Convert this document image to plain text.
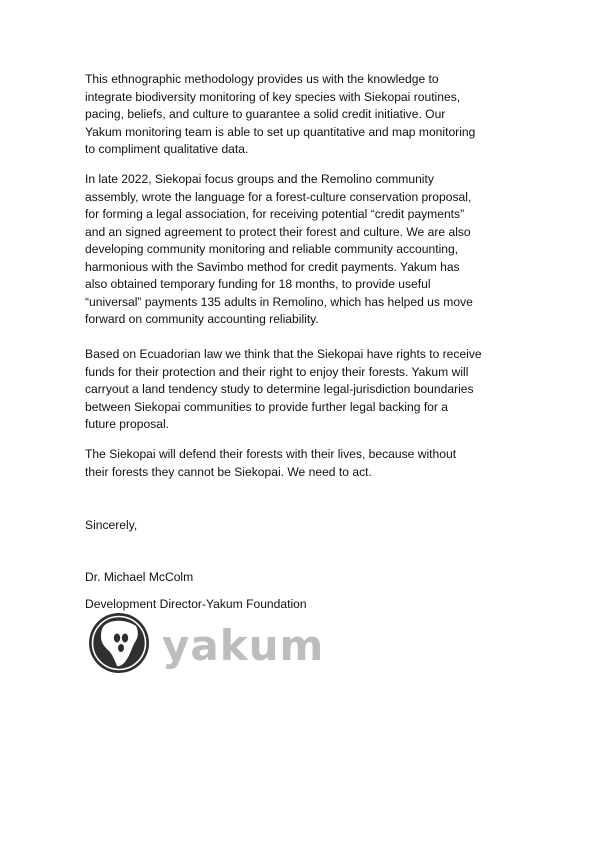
This ethnographic methodology provides us with the knowledge to
integrate biodiversity monitoring of key species with Siekopai routines,
pacing, beliefs, and culture to guarantee a solid credit initiative. Our
Yakum monitoring team is able to set up quantitative and map monitoring
to compliment qualitative data.

In late 2022, Siekopai focus groups and the Remolino community
assembly, wrote the language for a forest-culture conservation proposal,
for forming a legal association, for receiving potential “credit payments”
and an signed agreement to protect their forest and culture. We are also
developing community monitoring and reliable community accounting,
harmonious with the Savimbo method for credit payments. Yakum has
also obtained temporary funding for 18 months, to provide useful
“universal” payments 135 adults in Remolino, which has helped us move
forward on community accounting reliability.

Based on Ecuadorian law we think that the Siekopai have rights to receive
funds for their protection and their right to enjoy their forests. Yakum will
carryout a land tendency study to determine legal-jurisdiction boundaries
between Siekopai communities to provide further legal backing for a
future proposal.

The Siekopai will defend their forests with their lives, because without
their forests they cannot be Siekopai. We need to act.

Sincerely,
Dr. Michael McColm
Development Director-Yakum Foundation
yakum
